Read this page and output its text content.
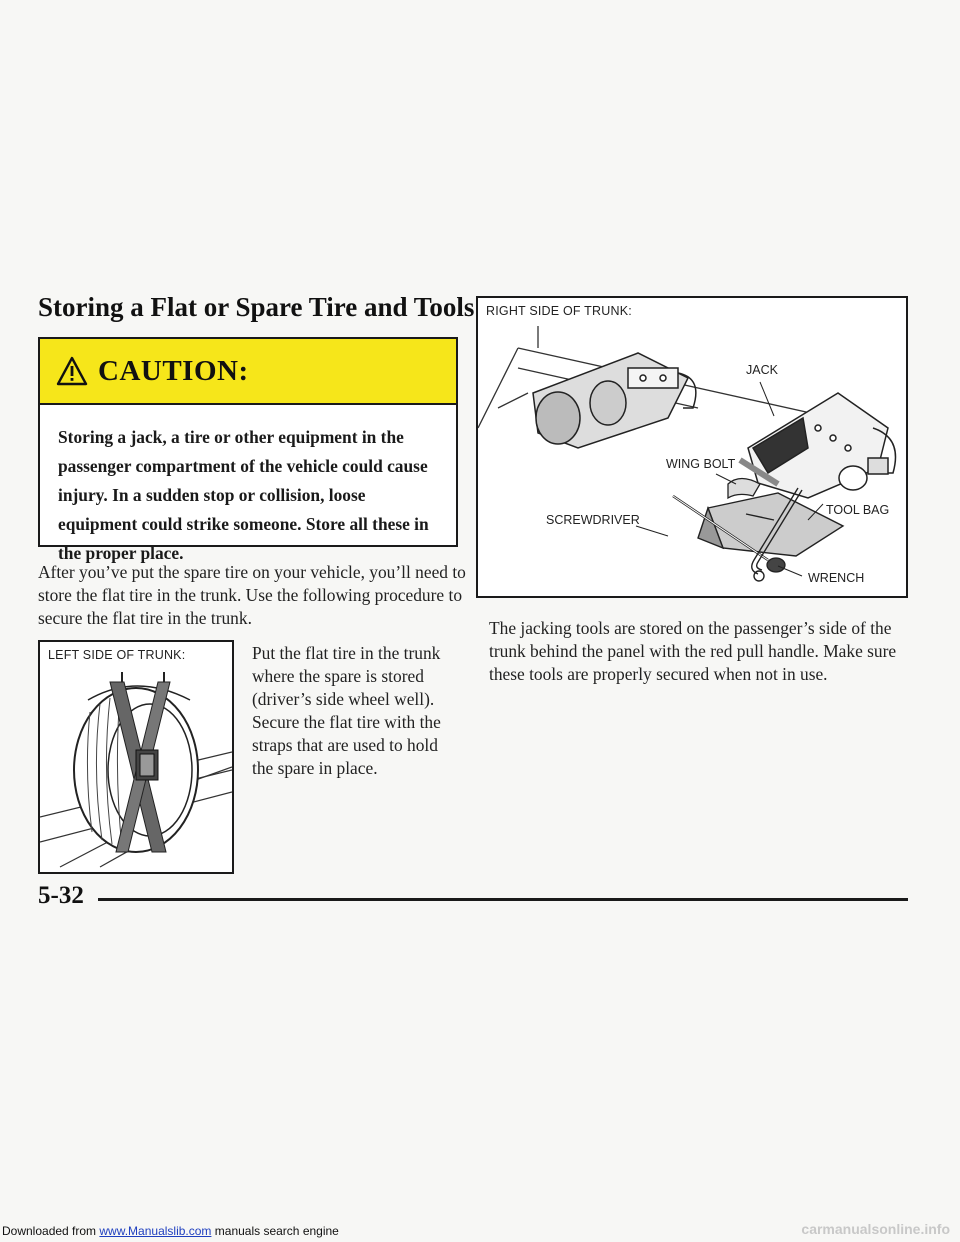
Storing a Flat or Spare Tire and Tools
CAUTION:

Storing a jack, a tire or other equipment in the passenger compartment of the vehicle could cause injury. In a sudden stop or collision, loose equipment could strike someone. Store all these in the proper place.

After you’ve put the spare tire on your vehicle, you’ll need to store the flat tire in the trunk. Use the following procedure to secure the flat tire in the trunk.

LEFT SIDE OF TRUNK:	Put the flat tire in the trunk where the spare is stored (driver’s side wheel well). Secure the flat tire with the straps that are used to hold the spare in place.

RIGHT SIDE OF TRUNK:
JACK
WING BOLT
SCREWDRIVER
TOOL BAG
WRENCH

The jacking tools are stored on the passenger’s side of the trunk behind the panel with the red pull handle. Make sure these tools are properly secured when not in use.

5-32
Downloaded from www.Manualslib.com manuals search engine	carmanualsonline.info
